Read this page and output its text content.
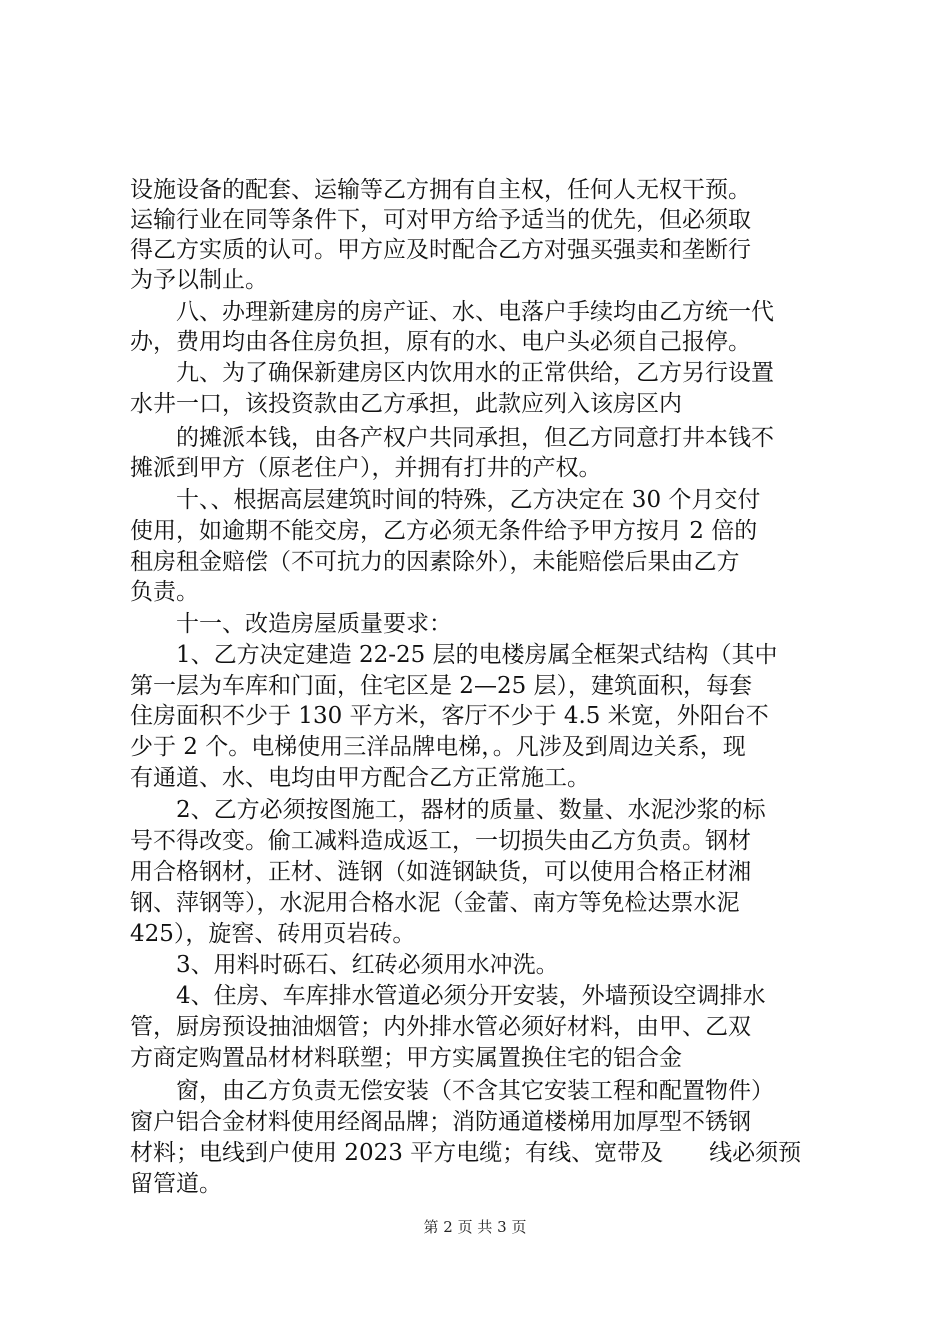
设施设备的配套、运输等乙方拥有自主权，任何人无权干预。
运输行业在同等条件下，可对甲方给予适当的优先，但必须取
得乙方实质的认可。甲方应及时配合乙方对强买强卖和垄断行
为予以制止。
八、办理新建房的房产证、水、电落户手续均由乙方统一代
办，费用均由各住房负担，原有的水、电户头必须自己报停。
九、为了确保新建房区内饮用水的正常供给，乙方另行设置
水井一口，该投资款由乙方承担，此款应列入该房区内
的摊派本钱，由各产权户共同承担，但乙方同意打井本钱不
摊派到甲方（原老住户），并拥有打井的产权。
十、、根据高层建筑时间的特殊，乙方决定在 30 个月交付
使用，如逾期不能交房，乙方必须无条件给予甲方按月 2 倍的
租房租金赔偿（不可抗力的因素除外），未能赔偿后果由乙方
负责。
十一、改造房屋质量要求：
1、乙方决定建造 22-25 层的电楼房属全框架式结构（其中
第一层为车库和门面，住宅区是 2—25 层），建筑面积，每套
住房面积不少于 130 平方米，客厅不少于 4.5 米宽，外阳台不
少于 2 个。电梯使用三洋品牌电梯，。凡涉及到周边关系，现
有通道、水、电均由甲方配合乙方正常施工。
2、乙方必须按图施工，器材的质量、数量、水泥沙浆的标
号不得改变。偷工减料造成返工，一切损失由乙方负责。钢材
用合格钢材，正材、涟钢（如涟钢缺货，可以使用合格正材湘
钢、萍钢等），水泥用合格水泥（金蕾、南方等免检达票水泥
425），旋窖、砖用页岩砖。
3、用料时砾石、红砖必须用水冲洗。
4、住房、车库排水管道必须分开安装，外墙预设空调排水
管，厨房预设抽油烟管；内外排水管必须好材料，由甲、乙双
方商定购置品材材料联塑；甲方实属置换住宅的铝合金
窗，由乙方负责无偿安装（不含其它安装工程和配置物件）
窗户铝合金材料使用经阁品牌；消防通道楼梯用加厚型不锈钢
材料；电线到户使用 2023 平方电缆；有线、宽带及　　线必须预
留管道。
第 2 页 共 3 页
